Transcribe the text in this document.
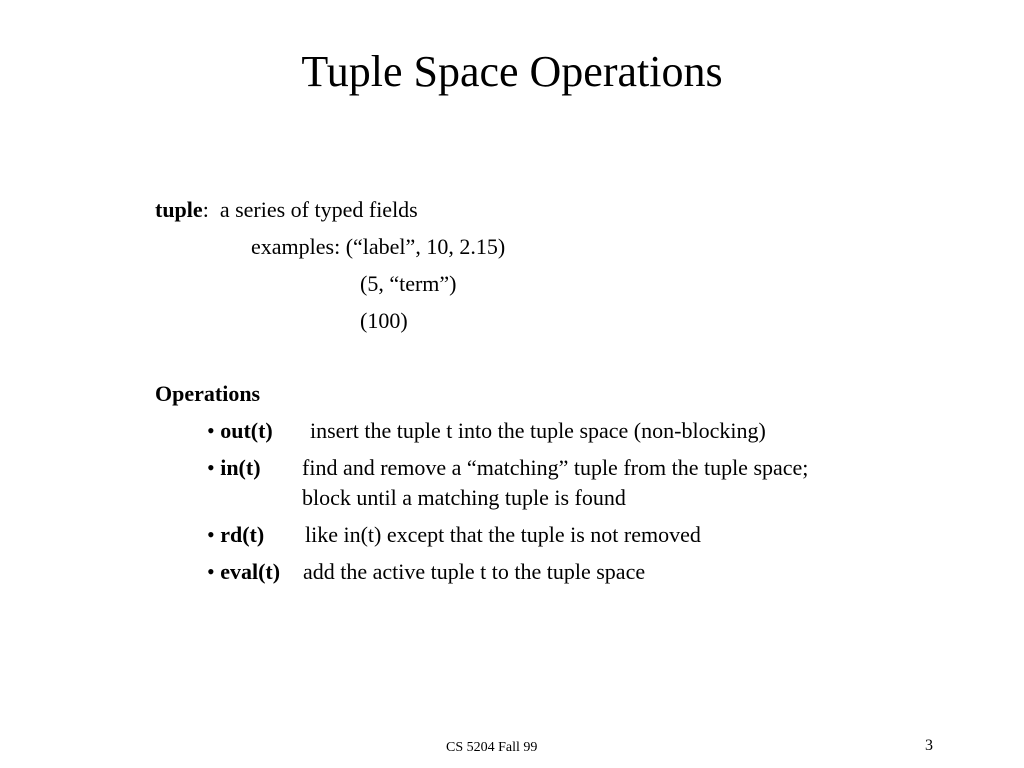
Tuple Space Operations
tuple: a series of typed fields
examples: (“label”, 10, 2.15)
(5, “term”)
(100)
Operations
• out(t) insert the tuple t into the tuple space (non-blocking)
• in(t) find and remove a “matching” tuple from the tuple space;
block until a matching tuple is found
• rd(t) like in(t) except that the tuple is not removed
• eval(t) add the active tuple t to the tuple space
CS 5204 Fall 99	3
